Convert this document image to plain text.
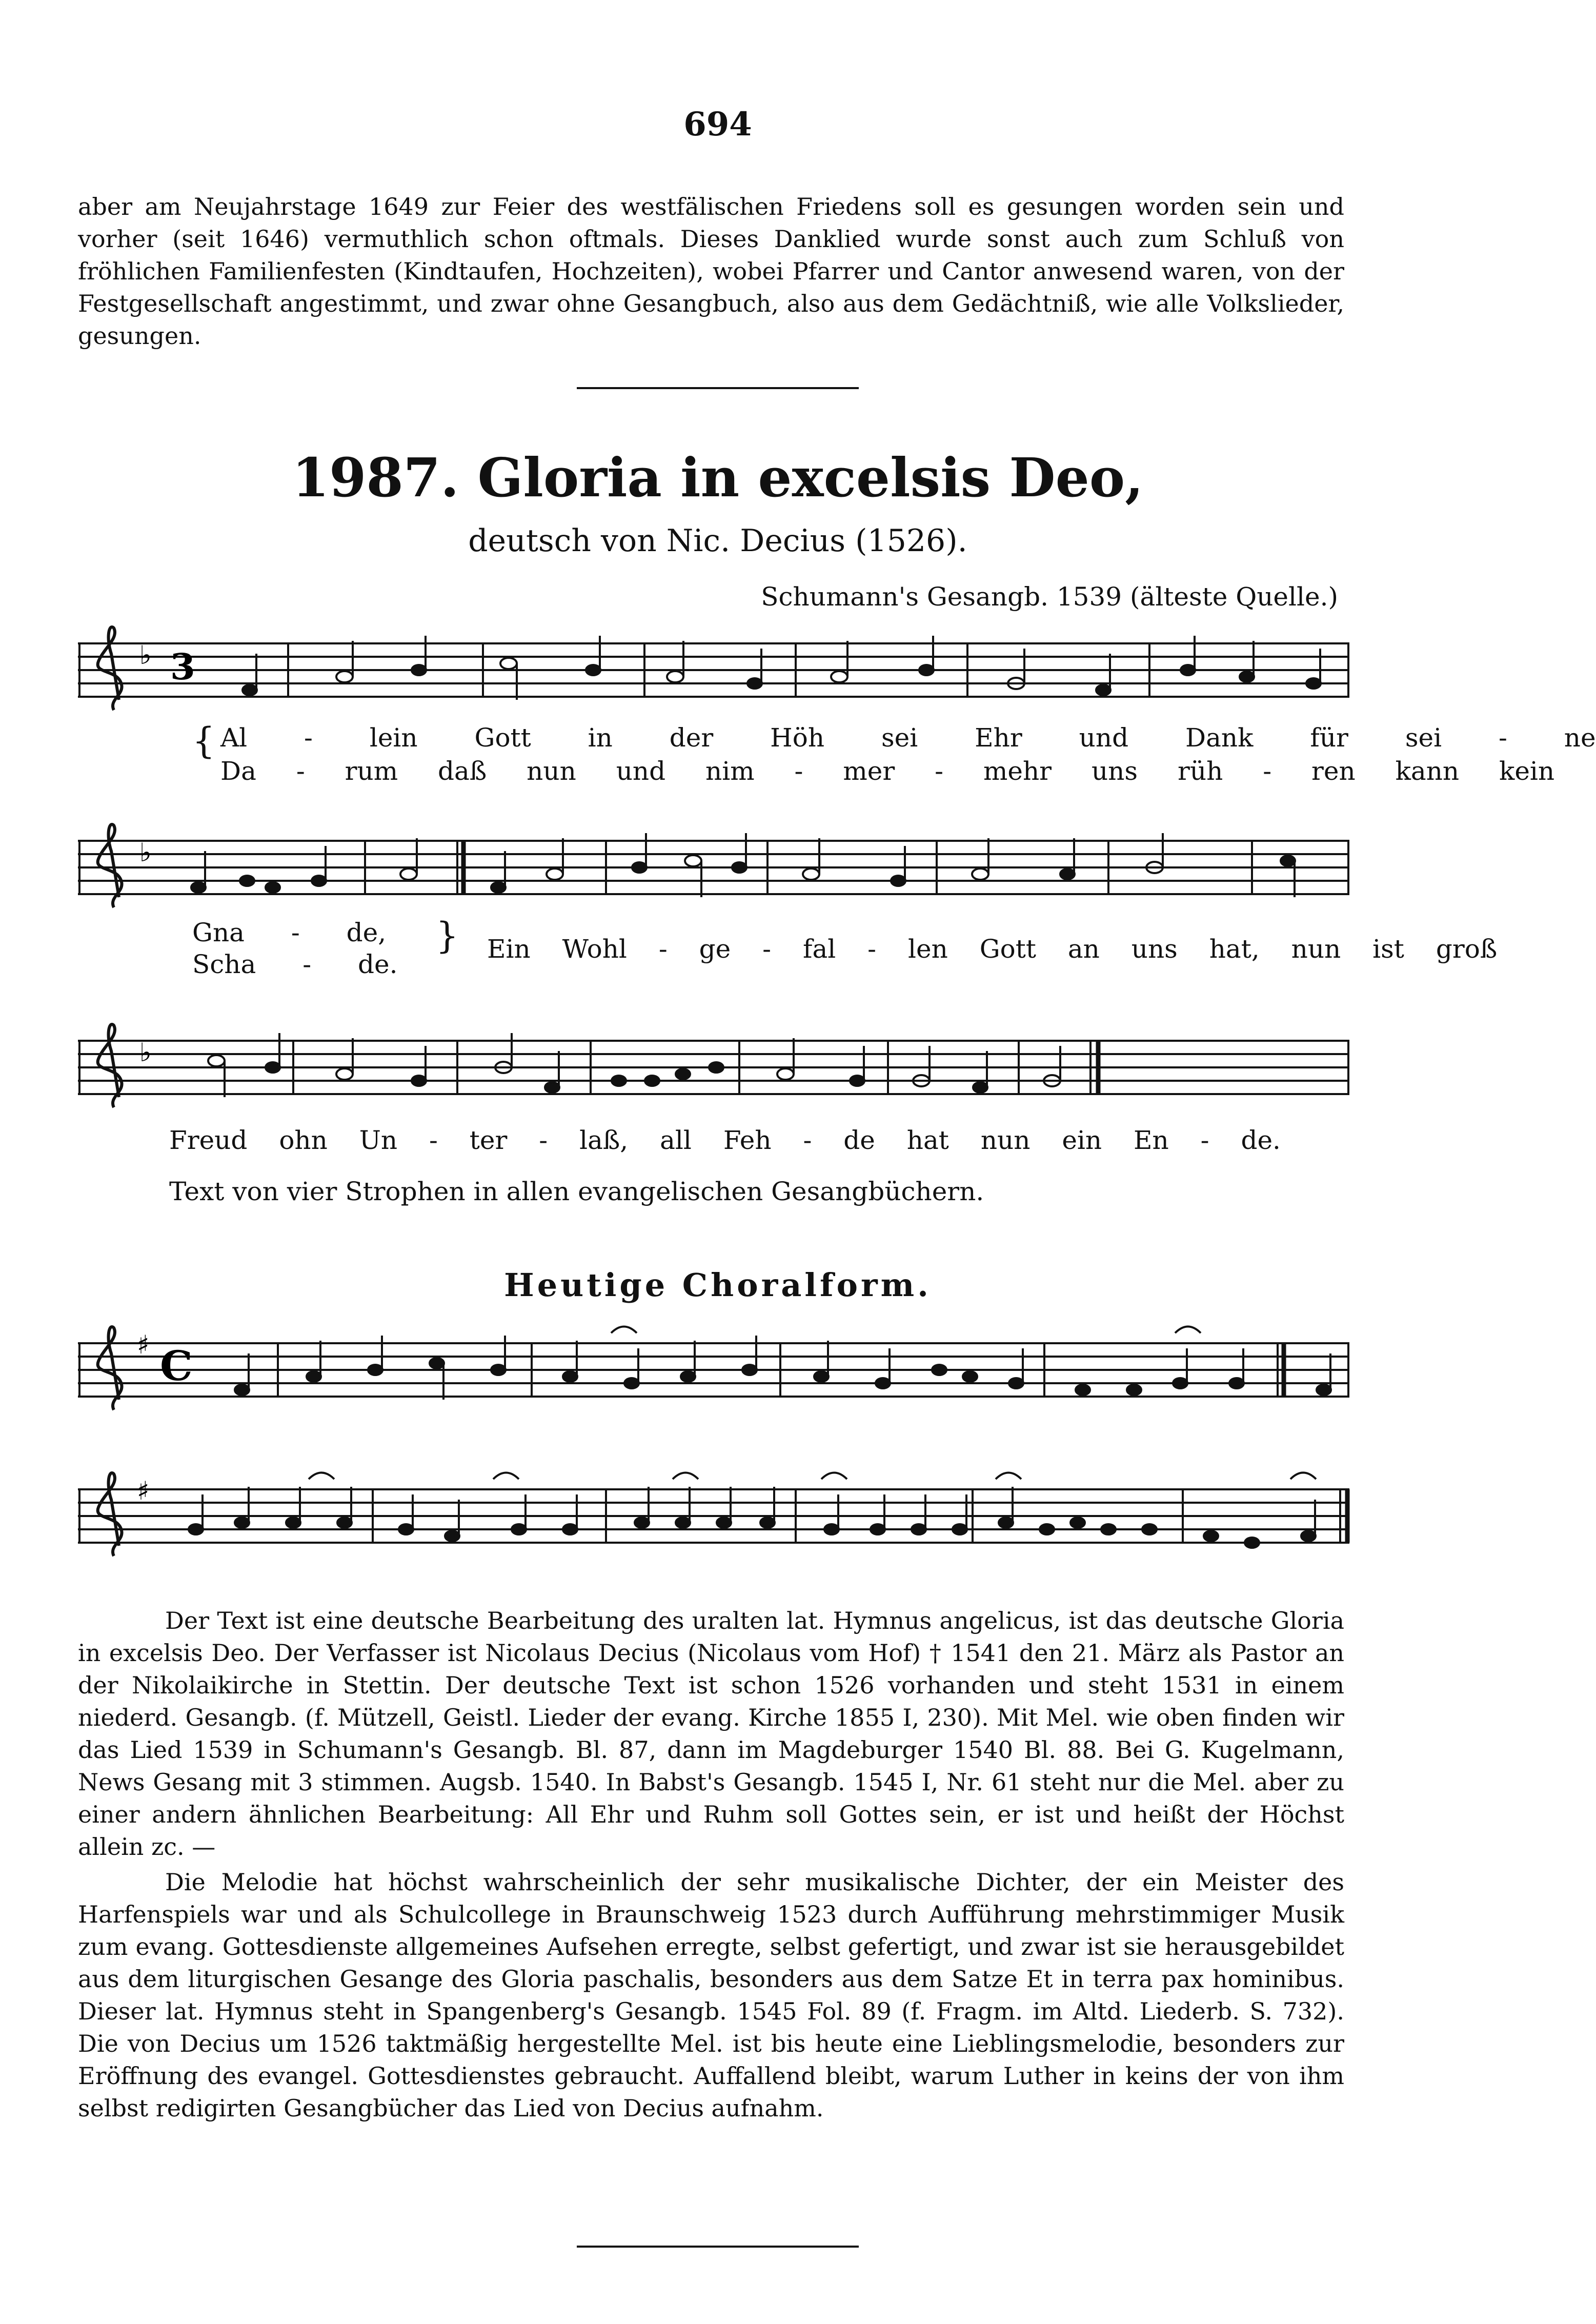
694

aber am Neujahrstage 1649 zur Feier des westfälischen Friedens soll es gesungen worden sein und vorher (seit 1646) vermuthlich schon oftmals. Dieses Danklied wurde sonst auch zum Schluß von fröhlichen Familienfesten (Kindtaufen, Hochzeiten), wobei Pfarrer und Cantor anwesend waren, von der Festgesellschaft angestimmt, und zwar ohne Gesangbuch, also aus dem Gedächtniß, wie alle Volkslieder, gesungen.

1987. Gloria in excelsis Deo,
deutsch von Nic. Decius (1526).
Schumann's Gesangb. 1539 (älteste Quelle.)
♭ 3
{ Al - lein Gott in der Höh sei Ehr und Dank für sei - ne
Da - rum daß nun und nim - mer - mehr uns rüh - ren kann kein
♭
Gna - de,
Scha - de.
} Ein Wohl - ge - fal - len Gott an uns hat, nun ist groß
♭
Freud ohn Un - ter - laß, all Feh - de hat nun ein En - de.
Text von vier Strophen in allen evangelischen Gesangbüchern.
Heutige Choralform.
♯ C
♯

Der Text ist eine deutsche Bearbeitung des uralten lat. Hymnus angelicus, ist das deutsche Gloria in excelsis Deo. Der Verfasser ist Nicolaus Decius (Nicolaus vom Hof) † 1541 den 21. März als Pastor an der Nikolaikirche in Stettin. Der deutsche Text ist schon 1526 vorhanden und steht 1531 in einem niederd. Gesangb. (f. Mützell, Geistl. Lieder der evang. Kirche 1855 I, 230). Mit Mel. wie oben finden wir das Lied 1539 in Schumann's Gesangb. Bl. 87, dann im Magdeburger 1540 Bl. 88. Bei G. Kugelmann, News Gesang mit 3 stimmen. Augsb. 1540. In Babst's Gesangb. 1545 I, Nr. 61 steht nur die Mel. aber zu einer andern ähnlichen Bearbeitung: All Ehr und Ruhm soll Gottes sein, er ist und heißt der Höchst allein zc. —

Die Melodie hat höchst wahrscheinlich der sehr musikalische Dichter, der ein Meister des Harfenspiels war und als Schulcollege in Braunschweig 1523 durch Aufführung mehrstimmiger Musik zum evang. Gottesdienste allgemeines Aufsehen erregte, selbst gefertigt, und zwar ist sie herausgebildet aus dem liturgischen Gesange des Gloria paschalis, besonders aus dem Satze Et in terra pax hominibus. Dieser lat. Hymnus steht in Spangenberg's Gesangb. 1545 Fol. 89 (f. Fragm. im Altd. Liederb. S. 732). Die von Decius um 1526 taktmäßig hergestellte Mel. ist bis heute eine Lieblingsmelodie, besonders zur Eröffnung des evangel. Gottesdienstes gebraucht. Auffallend bleibt, warum Luther in keins der von ihm selbst redigirten Gesangbücher das Lied von Decius aufnahm.
